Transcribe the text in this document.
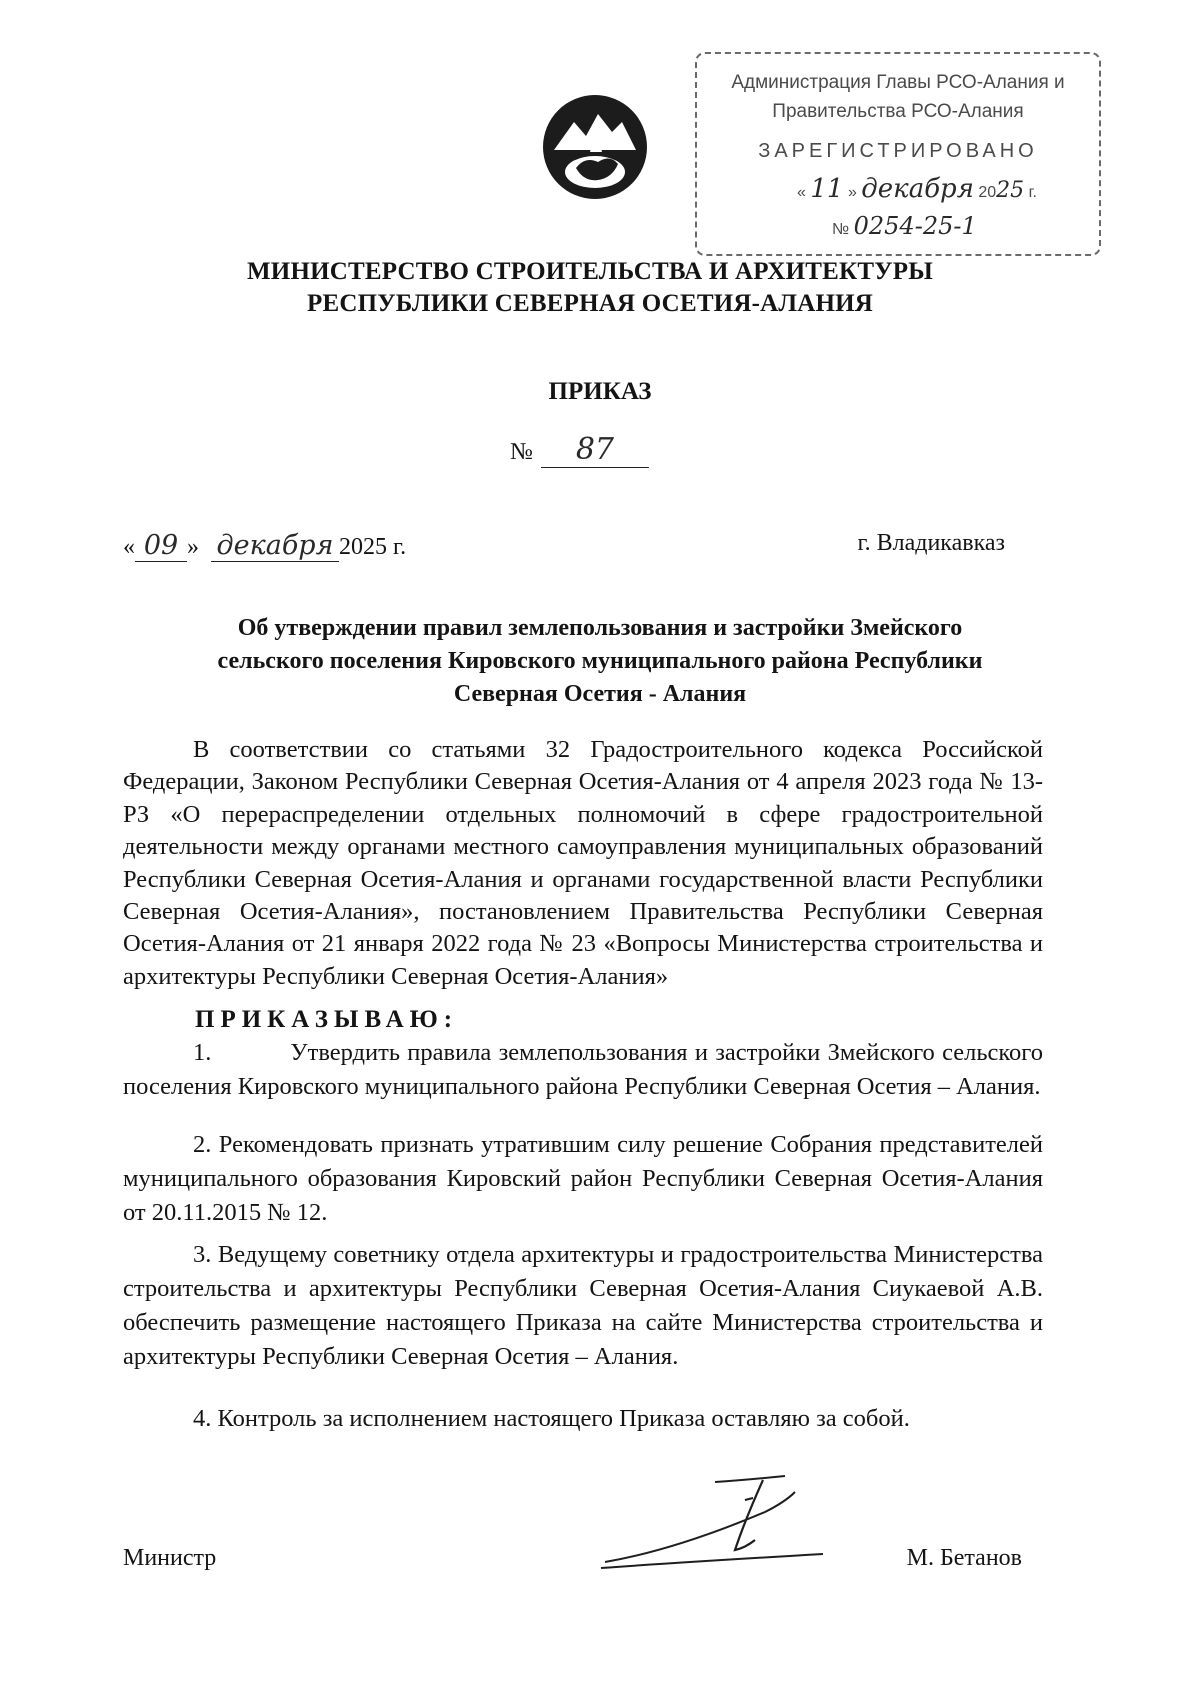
Администрация Главы РСО-Алания и
Правительства РСО-Алания
ЗАРЕГИСТРИРОВАНО
« 11 » декабря 2025 г.
№ 0254-25-1
МИНИСТЕРСТВО СТРОИТЕЛЬСТВА И АРХИТЕКТУРЫ
РЕСПУБЛИКИ СЕВЕРНАЯ ОСЕТИЯ-АЛАНИЯ
ПРИКАЗ
№ 87
« 09 » декабря 2025 г.	г. Владикавказ
Об утверждении правил землепользования и застройки Змейского
сельского поселения Кировского муниципального района Республики
Северная Осетия - Алания
В соответствии со статьями 32 Градостроительного кодекса Российской Федерации, Законом Республики Северная Осетия-Алания от 4 апреля 2023 года № 13-РЗ «О перераспределении отдельных полномочий в сфере градостроительной деятельности между органами местного самоуправления муниципальных образований Республики Северная Осетия-Алания и органами государственной власти Республики Северная Осетия-Алания», постановлением Правительства Республики Северная Осетия-Алания от 21 января 2022 года № 23 «Вопросы Министерства строительства и архитектуры Республики Северная Осетия-Алания»
ПРИКАЗЫВАЮ:
1.	Утвердить правила землепользования и застройки Змейского сельского поселения Кировского муниципального района Республики Северная Осетия – Алания.
2. Рекомендовать признать утратившим силу решение Собрания представителей муниципального образования Кировский район Республики Северная Осетия-Алания от 20.11.2015 № 12.
3. Ведущему советнику отдела архитектуры и градостроительства Министерства строительства и архитектуры Республики Северная Осетия-Алания Сиукаевой А.В. обеспечить размещение настоящего Приказа на сайте Министерства строительства и архитектуры Республики Северная Осетия – Алания.
4. Контроль за исполнением настоящего Приказа оставляю за собой.
Министр	М. Бетанов
